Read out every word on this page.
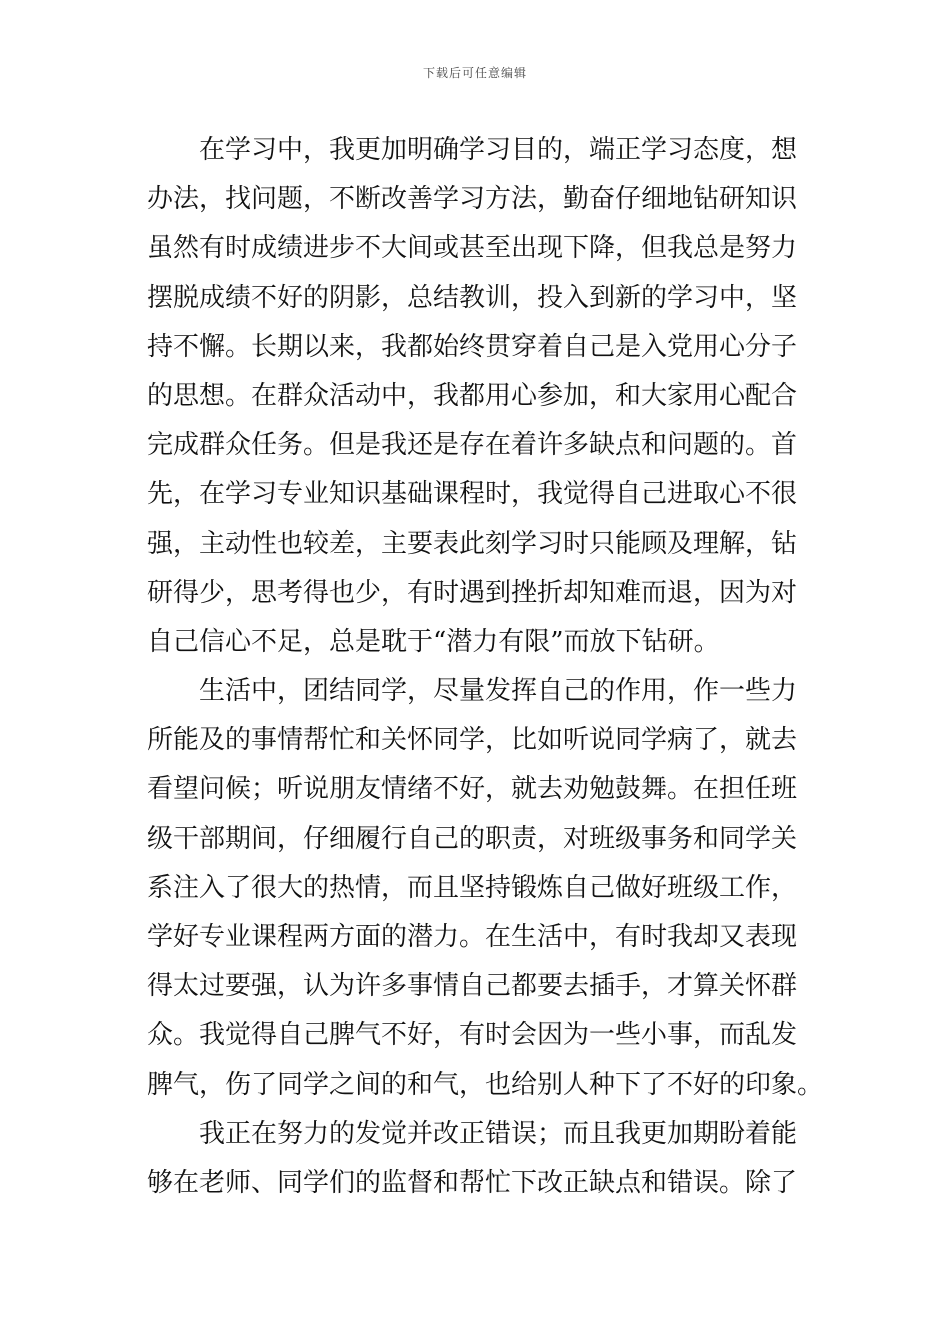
下载后可任意编辑
在学习中，我更加明确学习目的，端正学习态度，想
办法，找问题，不断改善学习方法，勤奋仔细地钻研知识
虽然有时成绩进步不大间或甚至出现下降，但我总是努力
摆脱成绩不好的阴影，总结教训，投入到新的学习中，坚
持不懈。长期以来，我都始终贯穿着自己是入党用心分子
的思想。在群众活动中，我都用心参加，和大家用心配合
完成群众任务。但是我还是存在着许多缺点和问题的。首
先，在学习专业知识基础课程时，我觉得自己进取心不很
强，主动性也较差，主要表此刻学习时只能顾及理解，钻
研得少，思考得也少，有时遇到挫折却知难而退，因为对
自己信心不足，总是耽于“潜力有限”而放下钻研。
生活中，团结同学，尽量发挥自己的作用，作一些力
所能及的事情帮忙和关怀同学，比如听说同学病了，就去
看望问候；听说朋友情绪不好，就去劝勉鼓舞。在担任班
级干部期间，仔细履行自己的职责，对班级事务和同学关
系注入了很大的热情，而且坚持锻炼自己做好班级工作，
学好专业课程两方面的潜力。在生活中，有时我却又表现
得太过要强，认为许多事情自己都要去插手，才算关怀群
众。我觉得自己脾气不好，有时会因为一些小事，而乱发
脾气，伤了同学之间的和气，也给别人种下了不好的印象。
我正在努力的发觉并改正错误；而且我更加期盼着能
够在老师、同学们的监督和帮忙下改正缺点和错误。除了
